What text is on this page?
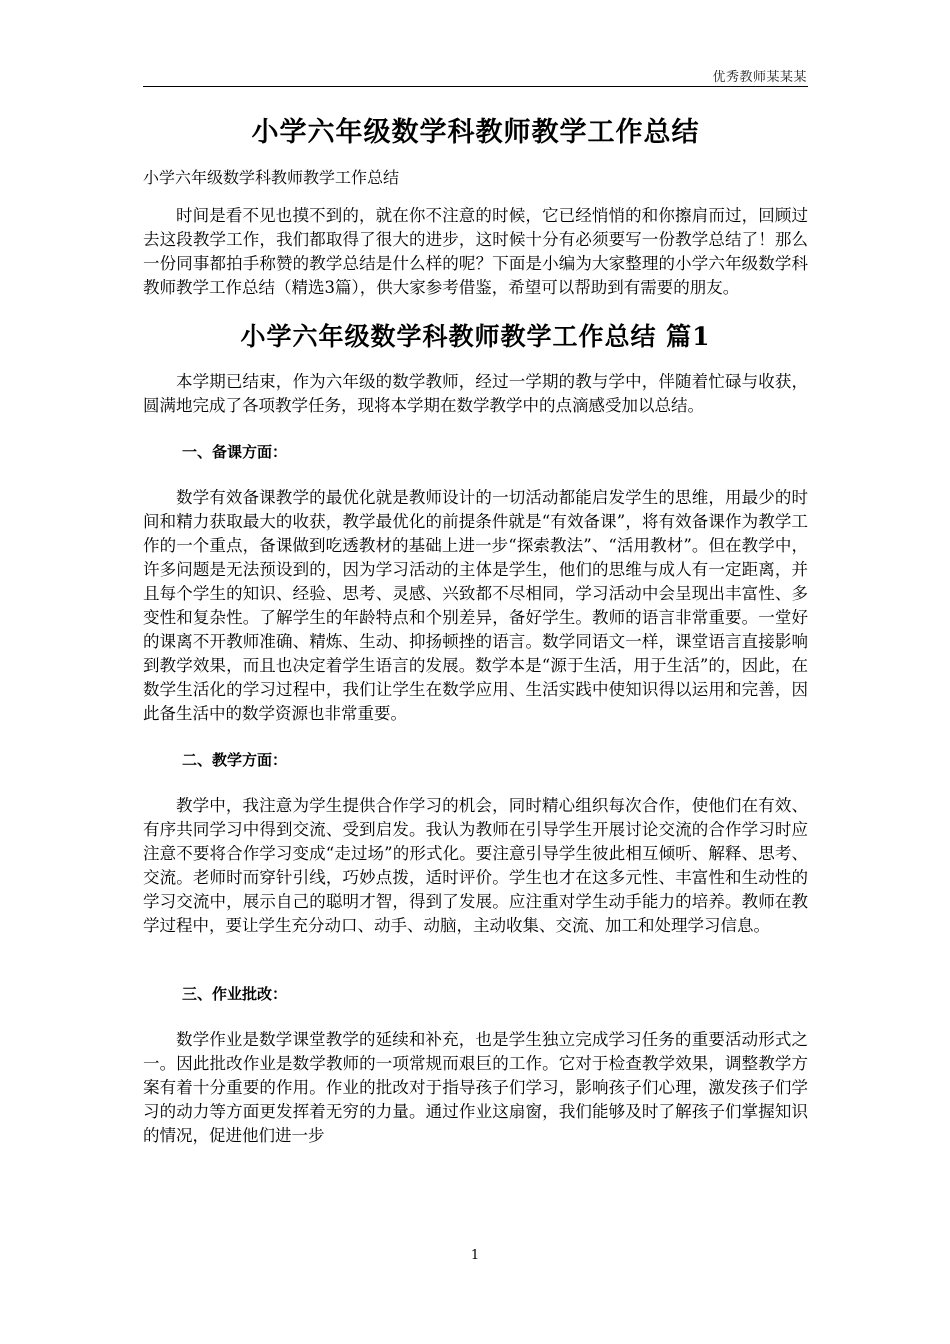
优秀教师某某某
小学六年级数学科教师教学工作总结
小学六年级数学科教师教学工作总结

时间是看不见也摸不到的，就在你不注意的时候，它已经悄悄的和你擦肩而过，回顾过去这段教学工作，我们都取得了很大的进步，这时候十分有必须要写一份教学总结了！那么一份同事都拍手称赞的教学总结是什么样的呢？下面是小编为大家整理的小学六年级数学科教师教学工作总结（精选3篇），供大家参考借鉴，希望可以帮助到有需要的朋友。

小学六年级数学科教师教学工作总结 篇1

本学期已结束，作为六年级的数学教师，经过一学期的教与学中，伴随着忙碌与收获，圆满地完成了各项教学任务，现将本学期在数学教学中的点滴感受加以总结。

一、备课方面：

数学有效备课教学的最优化就是教师设计的一切活动都能启发学生的思维，用最少的时间和精力获取最大的收获，教学最优化的前提条件就是“有效备课”，将有效备课作为教学工作的一个重点，备课做到吃透教材的基础上进一步“探索教法”、“活用教材”。但在教学中，许多问题是无法预设到的，因为学习活动的主体是学生，他们的思维与成人有一定距离，并且每个学生的知识、经验、思考、灵感、兴致都不尽相同，学习活动中会呈现出丰富性、多变性和复杂性。了解学生的年龄特点和个别差异，备好学生。教师的语言非常重要。一堂好的课离不开教师准确、精炼、生动、抑扬顿挫的语言。数学同语文一样，课堂语言直接影响到教学效果，而且也决定着学生语言的发展。数学本是“源于生活，用于生活”的，因此，在数学生活化的学习过程中，我们让学生在数学应用、生活实践中使知识得以运用和完善，因此备生活中的数学资源也非常重要。

二、教学方面：

教学中，我注意为学生提供合作学习的机会，同时精心组织每次合作，使他们在有效、有序共同学习中得到交流、受到启发。我认为教师在引导学生开展讨论交流的合作学习时应注意不要将合作学习变成“走过场”的形式化。要注意引导学生彼此相互倾听、解释、思考、交流。老师时而穿针引线，巧妙点拨，适时评价。学生也才在这多元性、丰富性和生动性的学习交流中，展示自己的聪明才智，得到了发展。应注重对学生动手能力的培养。教师在教学过程中，要让学生充分动口、动手、动脑，主动收集、交流、加工和处理学习信息。

三、作业批改：

数学作业是数学课堂教学的延续和补充，也是学生独立完成学习任务的重要活动形式之一。因此批改作业是数学教师的一项常规而艰巨的工作。它对于检查教学效果，调整教学方案有着十分重要的作用。作业的批改对于指导孩子们学习，影响孩子们心理，激发孩子们学习的动力等方面更发挥着无穷的力量。通过作业这扇窗，我们能够及时了解孩子们掌握知识的情况，促进他们进一步

1
